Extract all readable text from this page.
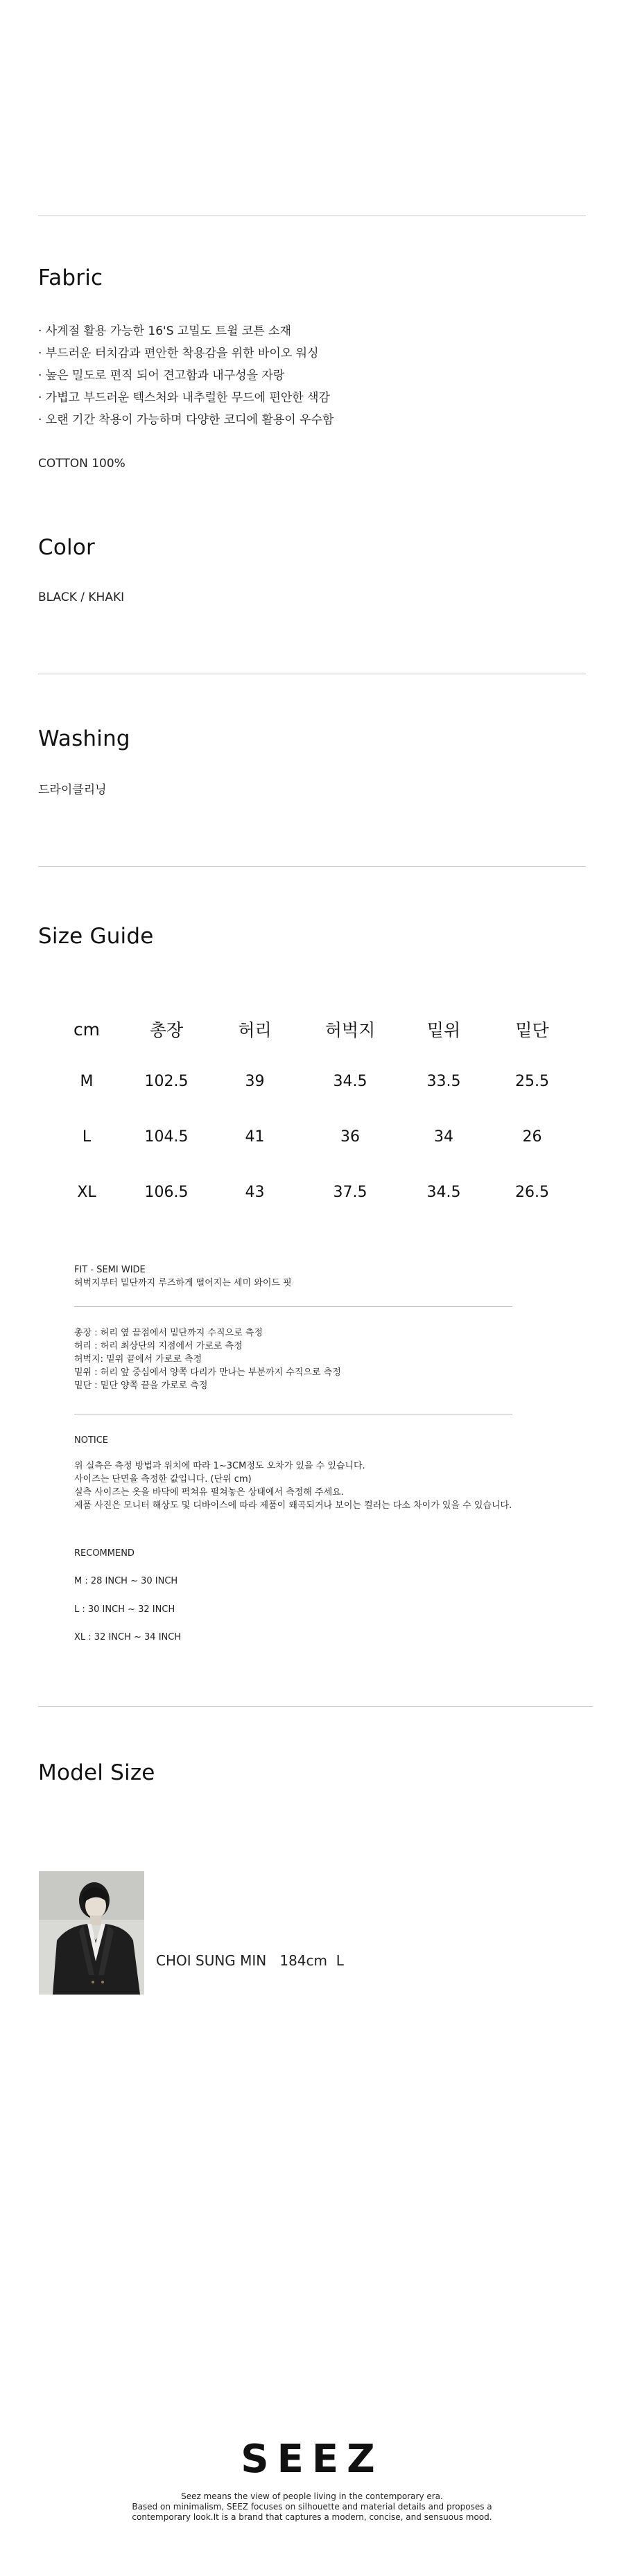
Fabric
· 사계절 활용 가능한 16'S 고밀도 트윌 코튼 소재
· 부드러운 터치감과 편안한 착용감을 위한 바이오 워싱
· 높은 밀도로 편직 되어 견고함과 내구성을 자랑
· 가볍고 부드러운 텍스처와 내추럴한 무드에 편안한 색감
· 오랜 기간 착용이 가능하며 다양한 코디에 활용이 우수함
COTTON 100%
Color
BLACK / KHAKI
Washing
드라이클리닝
Size Guide
cm	총장	허리	허벅지	밑위	밑단
M	102.5	39	34.5	33.5	25.5
L	104.5	41	36	34	26
XL	106.5	43	37.5	34.5	26.5
FIT - SEMI WIDE
허벅지부터 밑단까지 루즈하게 떨어지는 세미 와이드 핏
총장 : 허리 옆 끝점에서 밑단까지 수직으로 측정
허리 : 허리 최상단의 지점에서 가로로 측정
허벅지: 밑위 끝에서 가로로 측정
밑위 : 허리 앞 중심에서 양쪽 다리가 만나는 부분까지 수직으로 측정
밑단 : 밑단 양쪽 끝을 가로로 측정
NOTICE
위 실측은 측정 방법과 위치에 따라 1~3CM정도 오차가 있을 수 있습니다.
사이즈는 단면을 측정한 값입니다. (단위 cm)
실측 사이즈는 옷을 바닥에 펵쳐유 펼쳐놓은 상태에서 측정해 주세요.
제품 사진은 모니터 해상도 및 디바이스에 따라 제품이 왜곡되거나 보이는 컬러는 다소 차이가 있을 수 있습니다.
RECOMMEND
M : 28 INCH ~ 30 INCH
L : 30 INCH ~ 32 INCH
XL : 32 INCH ~ 34 INCH
Model Size
CHOI SUNG MIN   184cm  L
SEEZ
Seez means the view of people living in the contemporary era.
Based on minimalism, SEEZ focuses on silhouette and material details and proposes a
contemporary look.It is a brand that captures a modern, concise, and sensuous mood.
